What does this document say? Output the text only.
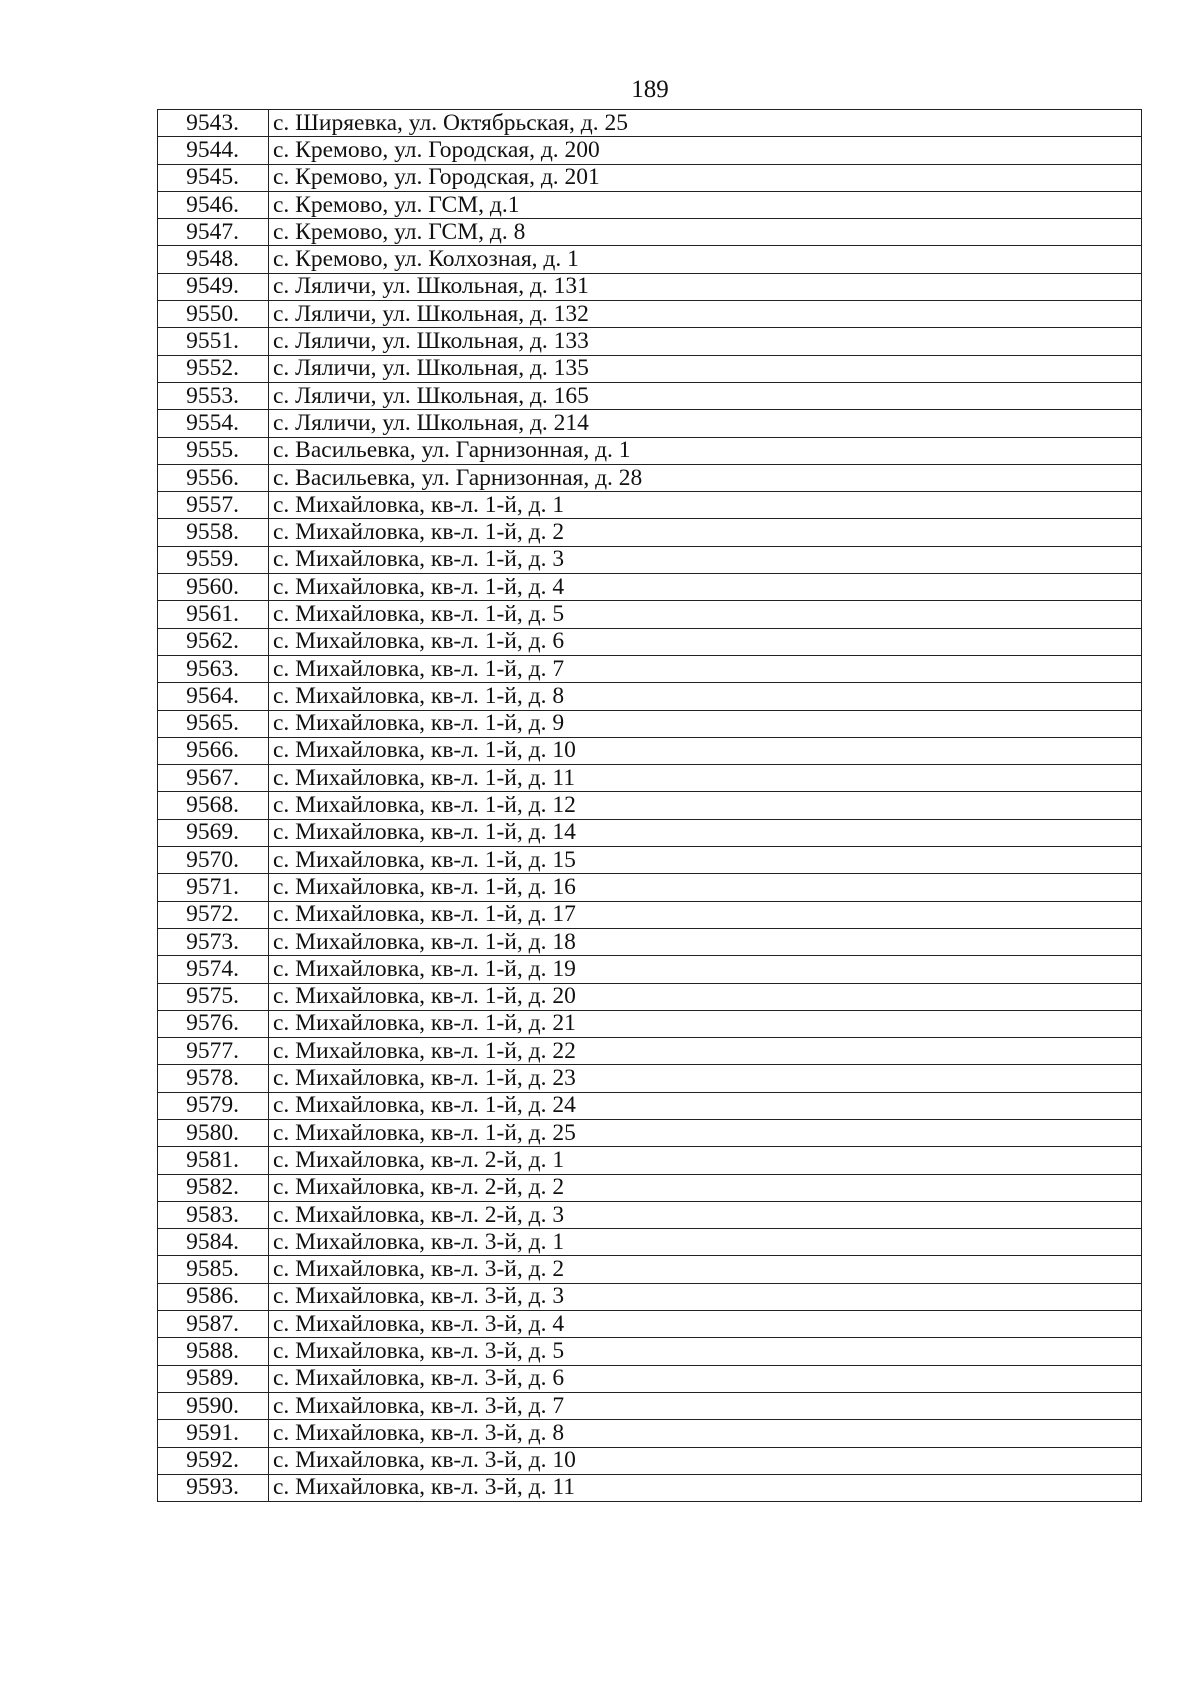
189
9543.	с. Ширяевка, ул. Октябрьская, д. 25
9544.	с. Кремово, ул. Городская, д. 200
9545.	с. Кремово, ул. Городская, д. 201
9546.	с. Кремово, ул. ГСМ, д.1
9547.	с. Кремово, ул. ГСМ, д. 8
9548.	с. Кремово, ул. Колхозная, д. 1
9549.	с. Ляличи, ул. Школьная, д. 131
9550.	с. Ляличи, ул. Школьная, д. 132
9551.	с. Ляличи, ул. Школьная, д. 133
9552.	с. Ляличи, ул. Школьная, д. 135
9553.	с. Ляличи, ул. Школьная, д. 165
9554.	с. Ляличи, ул. Школьная, д. 214
9555.	с. Васильевка, ул. Гарнизонная, д. 1
9556.	с. Васильевка, ул. Гарнизонная, д. 28
9557.	с. Михайловка, кв-л. 1-й, д. 1
9558.	с. Михайловка, кв-л. 1-й, д. 2
9559.	с. Михайловка, кв-л. 1-й, д. 3
9560.	с. Михайловка, кв-л. 1-й, д. 4
9561.	с. Михайловка, кв-л. 1-й, д. 5
9562.	с. Михайловка, кв-л. 1-й, д. 6
9563.	с. Михайловка, кв-л. 1-й, д. 7
9564.	с. Михайловка, кв-л. 1-й, д. 8
9565.	с. Михайловка, кв-л. 1-й, д. 9
9566.	с. Михайловка, кв-л. 1-й, д. 10
9567.	с. Михайловка, кв-л. 1-й, д. 11
9568.	с. Михайловка, кв-л. 1-й, д. 12
9569.	с. Михайловка, кв-л. 1-й, д. 14
9570.	с. Михайловка, кв-л. 1-й, д. 15
9571.	с. Михайловка, кв-л. 1-й, д. 16
9572.	с. Михайловка, кв-л. 1-й, д. 17
9573.	с. Михайловка, кв-л. 1-й, д. 18
9574.	с. Михайловка, кв-л. 1-й, д. 19
9575.	с. Михайловка, кв-л. 1-й, д. 20
9576.	с. Михайловка, кв-л. 1-й, д. 21
9577.	с. Михайловка, кв-л. 1-й, д. 22
9578.	с. Михайловка, кв-л. 1-й, д. 23
9579.	с. Михайловка, кв-л. 1-й, д. 24
9580.	с. Михайловка, кв-л. 1-й, д. 25
9581.	с. Михайловка, кв-л. 2-й, д. 1
9582.	с. Михайловка, кв-л. 2-й, д. 2
9583.	с. Михайловка, кв-л. 2-й, д. 3
9584.	с. Михайловка, кв-л. 3-й, д. 1
9585.	с. Михайловка, кв-л. 3-й, д. 2
9586.	с. Михайловка, кв-л. 3-й, д. 3
9587.	с. Михайловка, кв-л. 3-й, д. 4
9588.	с. Михайловка, кв-л. 3-й, д. 5
9589.	с. Михайловка, кв-л. 3-й, д. 6
9590.	с. Михайловка, кв-л. 3-й, д. 7
9591.	с. Михайловка, кв-л. 3-й, д. 8
9592.	с. Михайловка, кв-л. 3-й, д. 10
9593.	с. Михайловка, кв-л. 3-й, д. 11
